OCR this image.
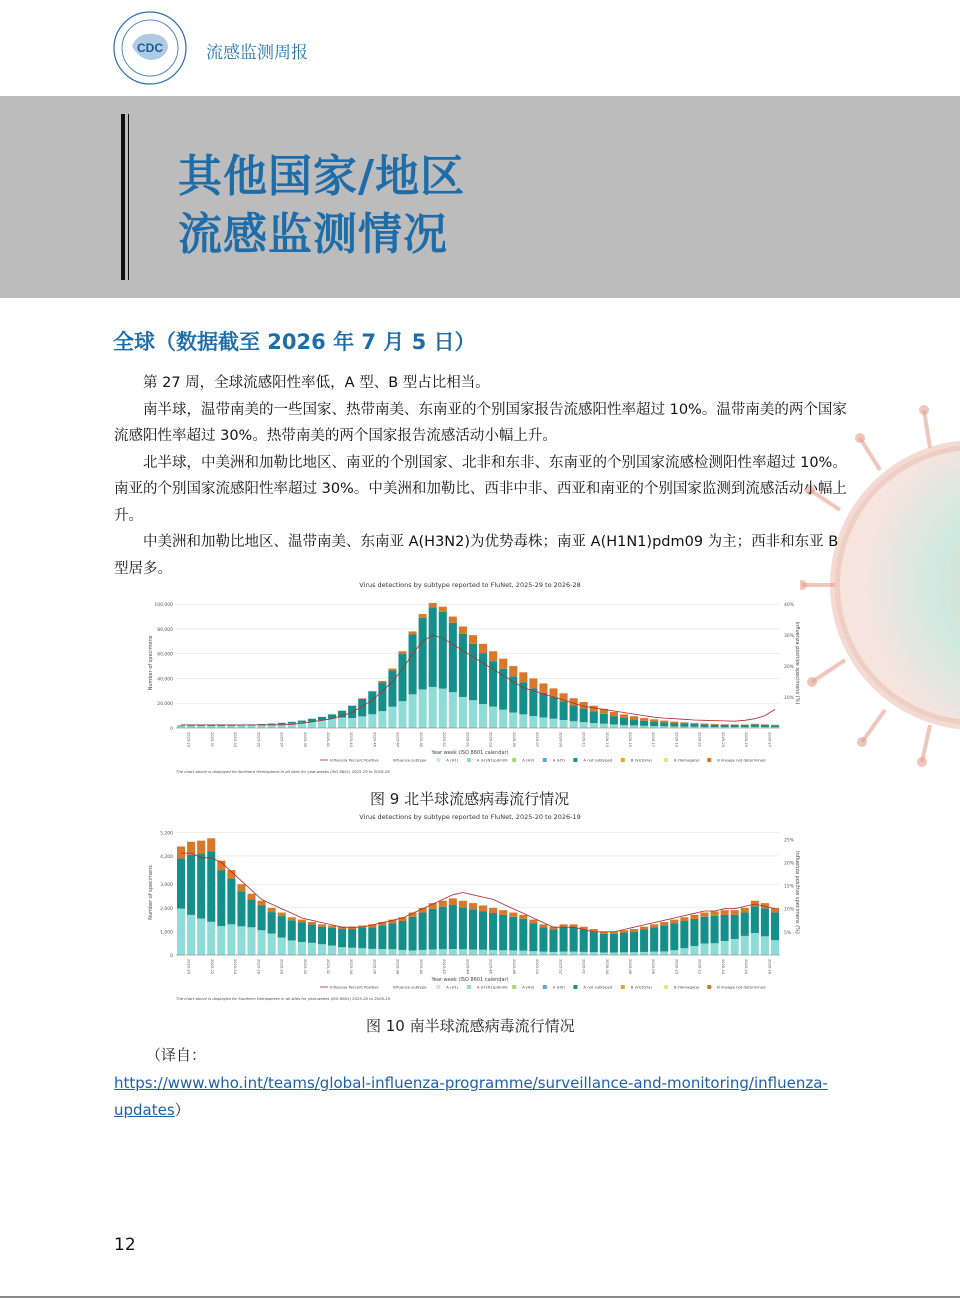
CDC	流感监测周报
其他国家/地区
流感监测情况
全球（数据截至 2026 年 7 月 5 日）

第 27 周，全球流感阳性率低，A 型、B 型占比相当。

南半球，温带南美的一些国家、热带南美、东南亚的个别国家报告流感阳性率超过 10%。温带南美的两个国家流感阳性率超过 30%。热带南美的两个国家报告流感活动小幅上升。

北半球，中美洲和加勒比地区、南亚的个别国家、北非和东非、东南亚的个别国家流感检测阳性率超过 10%。南亚的个别国家流感阳性率超过 30%。中美洲和加勒比、西非中非、西亚和南亚的个别国家监测到流感活动小幅上升。

中美洲和加勒比地区、温带南美、东南亚 A(H3N2)为优势毒株；南亚 A(H1N1)pdm09 为主；西非和东亚 B 型居多。

Virus detections by subtype reported to FluNet, 2025-29 to 2026-28
100,000
80,000
60,000
40,000
20,000
0
40%
30%
20%
10%
Number of specimens	Influenza positive specimens (%)
2025-29	2025-31	2025-33	2025-35	2025-37	2025-39	2025-41	2025-43	2025-45	2025-47	2025-49	2025-51	2026-01	2026-03	2026-05	2026-07	2026-09	2026-11	2026-13	2026-15	2026-17	2026-19	2026-21	2026-23	2026-25	2026-27
Year week (ISO 8601 calendar)
Influenza Percent Positive	Influenza subtype	A (H1)	A (H1N1)pdm09	A (H3)	A (H5)	A not subtyped	B (Victoria)	B (Yamagata)	B lineage not determined
The chart above is displayed for Northern Hemisphere in all sites for year-weeks (ISO 8601) 2025-29 to 2026-28
图 9 北半球流感病毒流行情况
Virus detections by subtype reported to FluNet, 2025-20 to 2026-19
5,200
4,200
3,000
2,000
1,000
0
25%
20%
15%
10%
5%
Number of specimens	Influenza positive specimens (%)
2025-20	2025-22	2025-24	2025-26	2025-28	2025-30	2025-32	2025-34	2025-36	2025-38	2025-40	2025-42	2025-44	2025-46	2025-48	2025-50	2025-52	2026-02	2026-04	2026-06	2026-08	2026-10	2026-12	2026-14	2026-16	2026-18
Year week (ISO 8601 calendar)
Influenza Percent Positive	Influenza subtype	A (H1)	A (H1N1)pdm09	A (H3)	A (H5)	A not subtyped	B (Victoria)	B (Yamagata)	B lineage not determined
The chart above is displayed for Southern Hemisphere in all sites for year-weeks (ISO 8601) 2025-20 to 2026-19
图 10 南半球流感病毒流行情况
（译自：
https://www.who.int/teams/global-influenza-programme/surveillance-and-monitoring/influenza-updates）
12
